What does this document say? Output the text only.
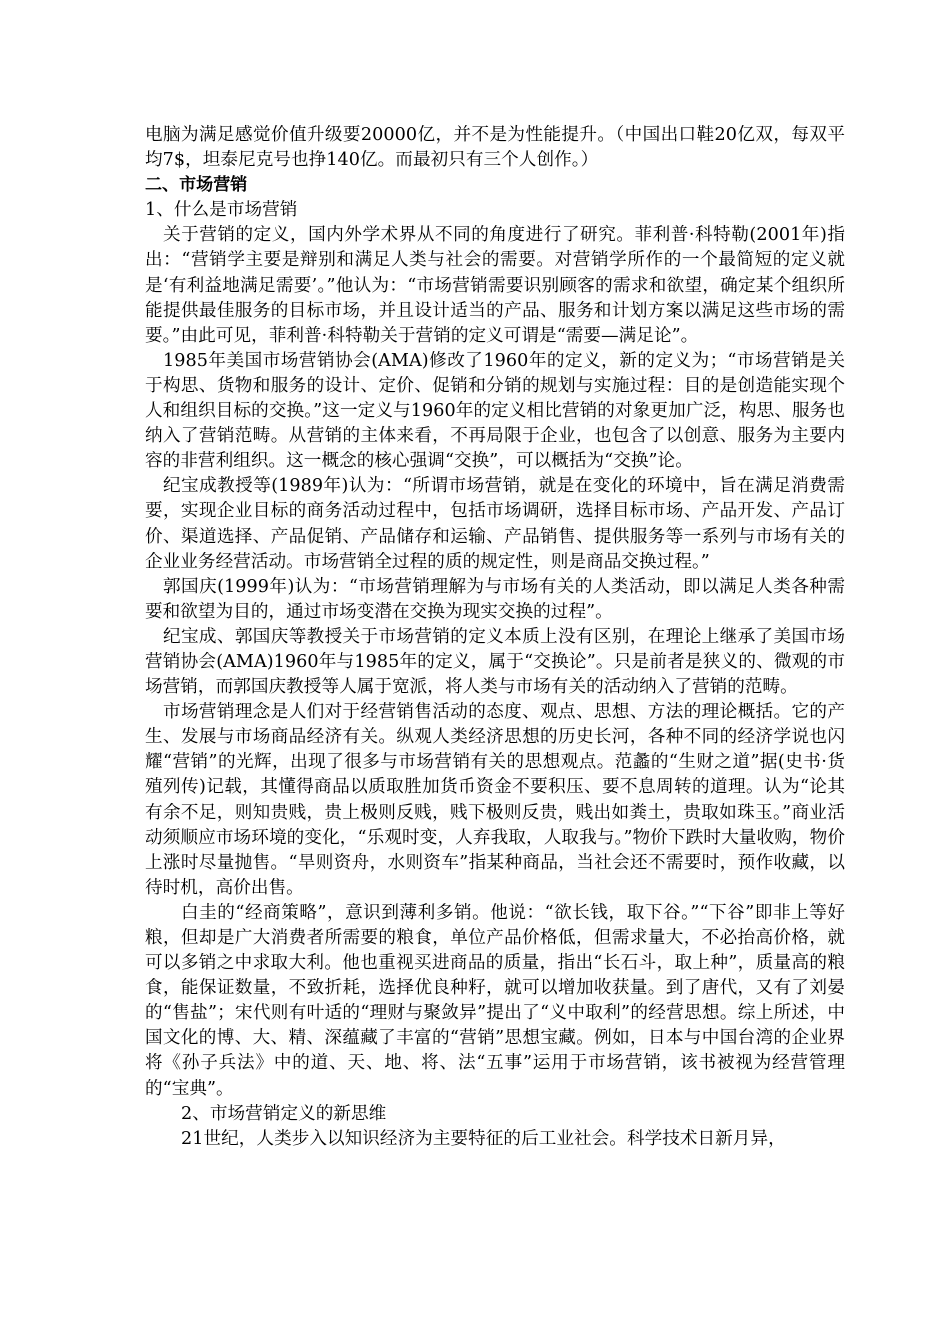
电脑为满足感觉价值升级要20000亿，并不是为性能提升。（中国出口鞋20亿双，每双平均7$，坦泰尼克号也挣140亿。而最初只有三个人创作。）

二、市场营销

1、什么是市场营销

关于营销的定义，国内外学术界从不同的角度进行了研究。菲利普·科特勒(2001年)指出：“营销学主要是辩别和满足人类与社会的需要。对营销学所作的一个最简短的定义就是‘有利益地满足需要’。”他认为：“市场营销需要识别顾客的需求和欲望，确定某个组织所能提供最佳服务的目标市场，并且设计适当的产品、服务和计划方案以满足这些市场的需要。”由此可见，菲利普·科特勒关于营销的定义可谓是“需要—满足论”。

1985年美国市场营销协会(AMA)修改了1960年的定义，新的定义为；“市场营销是关于构思、货物和服务的设计、定价、促销和分销的规划与实施过程：目的是创造能实现个人和组织目标的交换。”这一定义与1960年的定义相比营销的对象更加广泛，构思、服务也纳入了营销范畴。从营销的主体来看，不再局限于企业，也包含了以创意、服务为主要内容的非营利组织。这一概念的核心强调“交换”，可以概括为“交换”论。

纪宝成教授等(1989年)认为：“所谓市场营销，就是在变化的环境中，旨在满足消费需要，实现企业目标的商务活动过程中，包括市场调研，选择目标市场、产品开发、产品订价、渠道选择、产品促销、产品储存和运输、产品销售、提供服务等一系列与市场有关的企业业务经营活动。市场营销全过程的质的规定性，则是商品交换过程。”

郭国庆(1999年)认为：“市场营销理解为与市场有关的人类活动，即以满足人类各种需要和欲望为目的，通过市场变潜在交换为现实交换的过程”。

纪宝成、郭国庆等教授关于市场营销的定义本质上没有区别，在理论上继承了美国市场营销协会(AMA)1960年与1985年的定义，属于“交换论”。只是前者是狭义的、微观的市场营销，而郭国庆教授等人属于宽派，将人类与市场有关的活动纳入了营销的范畴。

市场营销理念是人们对于经营销售活动的态度、观点、思想、方法的理论概括。它的产生、发展与市场商品经济有关。纵观人类经济思想的历史长河，各种不同的经济学说也闪耀“营销”的光辉，出现了很多与市场营销有关的思想观点。范蠡的“生财之道”据(史书·货殖列传)记载，其懂得商品以质取胜加货币资金不要积压、要不息周转的道理。认为“论其有余不足，则知贵贱，贵上极则反贱，贱下极则反贵，贱出如粪土，贵取如珠玉。”商业活动须顺应市场环境的变化，“乐观时变，人弃我取，人取我与。”物价下跌时大量收购，物价上涨时尽量抛售。“旱则资舟，水则资车”指某种商品，当社会还不需要时，预作收藏，以待时机，高价出售。

白圭的“经商策略”，意识到薄利多销。他说：“欲长钱，取下谷。”“下谷”即非上等好粮，但却是广大消费者所需要的粮食，单位产品价格低，但需求量大，不必抬高价格，就可以多销之中求取大利。他也重视买进商品的质量，指出“长石斗，取上种”，质量高的粮食，能保证数量，不致折耗，选择优良种籽，就可以增加收获量。到了唐代，又有了刘晏的“售盐”；宋代则有叶适的“理财与聚敛异”提出了“义中取利”的经营思想。综上所述，中国文化的博、大、精、深蕴藏了丰富的“营销”思想宝藏。例如，日本与中国台湾的企业界将《孙子兵法》中的道、天、地、将、法“五事”运用于市场营销，该书被视为经营管理的“宝典”。

2、市场营销定义的新思维

21世纪，人类步入以知识经济为主要特征的后工业社会。科学技术日新月异，
